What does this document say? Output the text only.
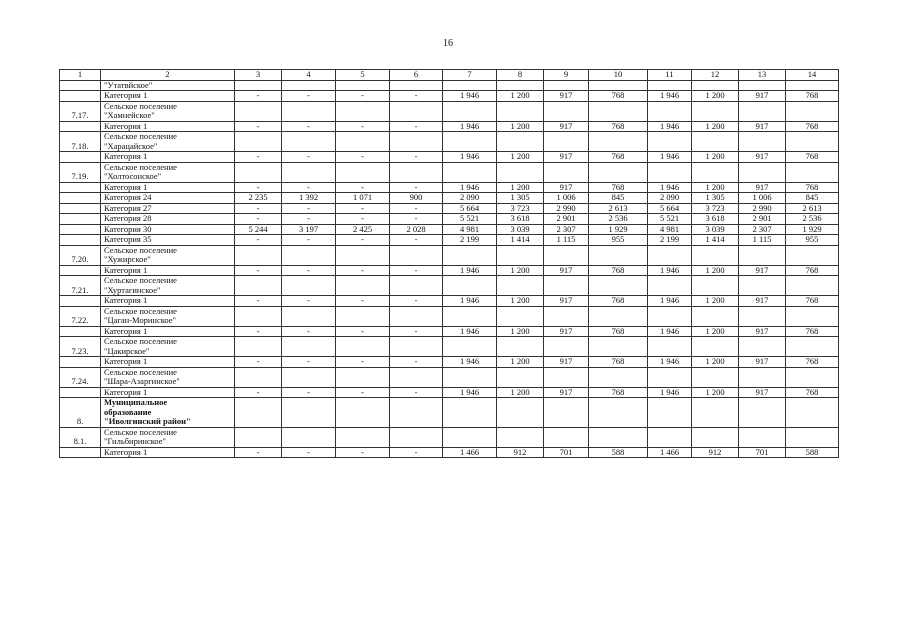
16
1	2	3	4	5	6	7	8	9	10	11	12	13	14

	"Утатвйское"												

	Категория 1	-	-	-	-	1 946	1 200	917	768	1 946	1 200	917	768
7.17.	Сельское поселение
"Хамнейское"												

	Категория 1	-	-	-	-	1 946	1 200	917	768	1 946	1 200	917	768
7.18.	Сельское поселение
"Харацайское"												

	Категория 1	-	-	-	-	1 946	1 200	917	768	1 946	1 200	917	768
7.19.	Сельское поселение
"Холтосонское"												

	Категория 1	-	-	-	-	1 946	1 200	917	768	1 946	1 200	917	768

	Категория 24	2 235	1 392	1 071	900	2 090	1 305	1 006	845	2 090	1 305	1 006	845

	Категория 27	-	-	-	-	5 664	3 723	2 990	2 613	5 664	3 723	2 990	2 613

	Категория 28	-	-	-	-	5 521	3 618	2 901	2 536	5 521	3 618	2 901	2 536

	Категория 30	5 244	3 197	2 425	2 028	4 981	3 039	2 307	1 929	4 981	3 039	2 307	1 929

	Категория 35	-	-	-	-	2 199	1 414	1 115	955	2 199	1 414	1 115	955
7.20.	Сельское поселение
"Хужирское"												

	Категория 1	-	-	-	-	1 946	1 200	917	768	1 946	1 200	917	768
7.21.	Сельское поселение
"Хуртагинское"												

	Категория 1	-	-	-	-	1 946	1 200	917	768	1 946	1 200	917	768
7.22.	Сельское поселение
"Цаган-Моринское"												

	Категория 1	-	-	-	-	1 946	1 200	917	768	1 946	1 200	917	768
7.23.	Сельское поселение
"Цакирское"												

	Категория 1	-	-	-	-	1 946	1 200	917	768	1 946	1 200	917	768
7.24.	Сельское поселение
"Шара-Азаргинское"												

	Категория 1	-	-	-	-	1 946	1 200	917	768	1 946	1 200	917	768
8.	Муниципальное
образование
"Иволгинский район"												

8.1.	Сельское поселение
"Гильбиринское"												

	Категория 1	-	-	-	-	1 466	912	701	588	1 466	912	701	588
